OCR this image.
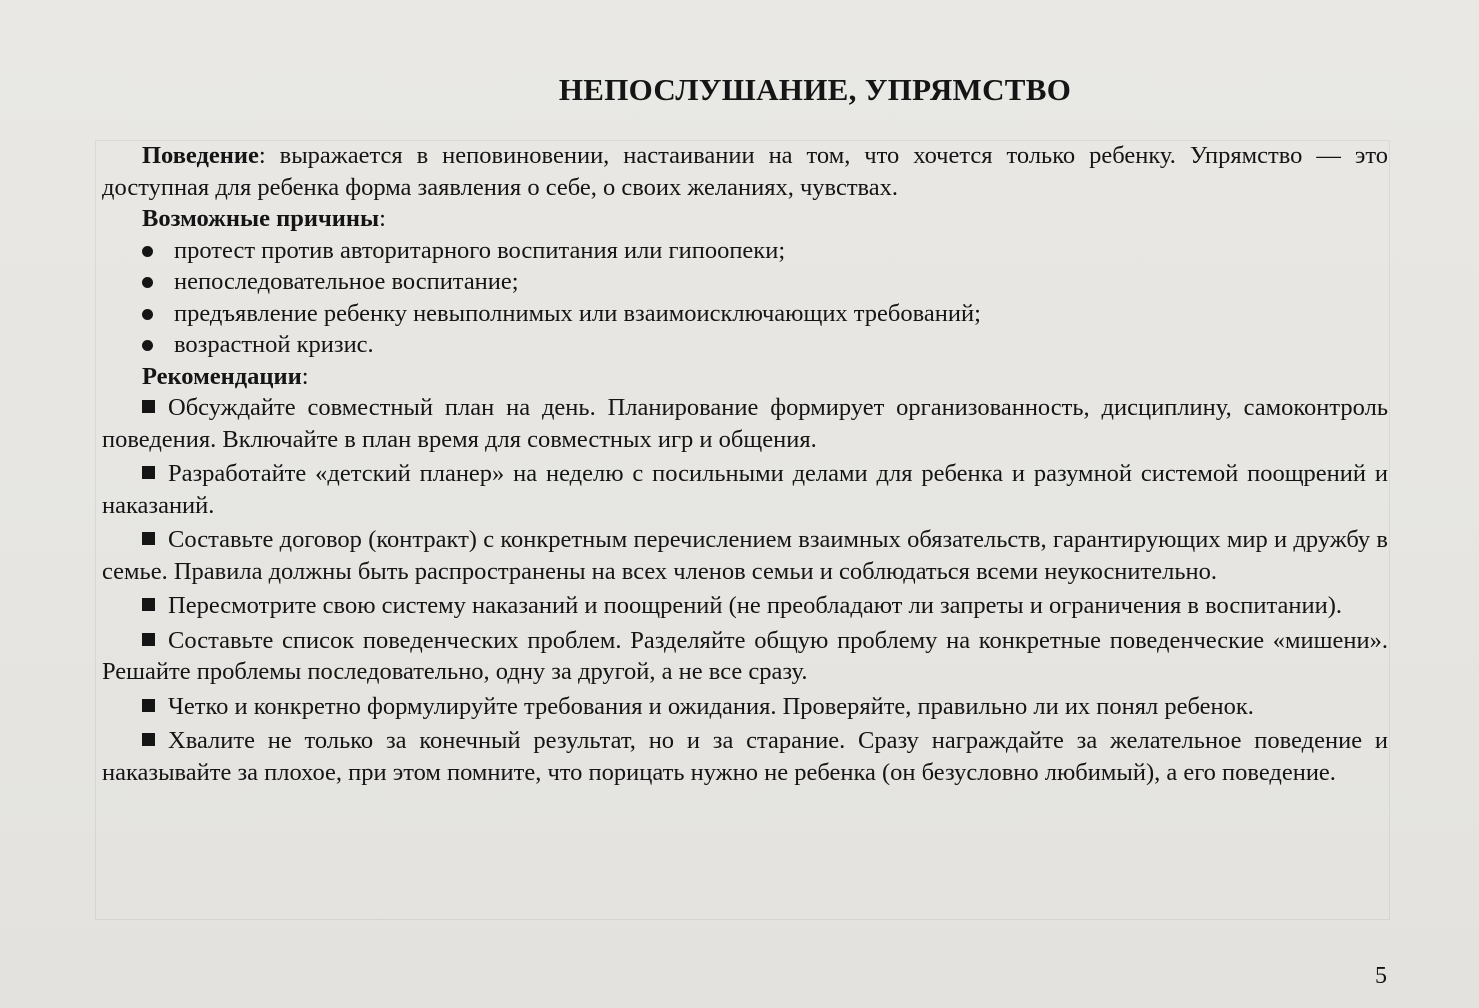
НЕПОСЛУШАНИЕ, УПРЯМСТВО

Поведение: выражается в неповиновении, настаивании на том, что хочется только ребенку. Упрямство — это доступная для ребенка форма заявления о себе, о своих желаниях, чувствах.

Возможные причины:
протест против авторитарного воспитания или гипоопеки;
непоследовательное воспитание;
предъявление ребенку невыполнимых или взаимоисключающих требований;
возрастной кризис.
Рекомендации:

Обсуждайте совместный план на день. Планирование формирует организованность, дисциплину, самоконтроль поведения. Включайте в план время для совместных игр и общения.

Разработайте «детский планер» на неделю с посильными делами для ребенка и разумной системой поощрений и наказаний.

Составьте договор (контракт) с конкретным перечислением взаимных обязательств, гарантирующих мир и дружбу в семье. Правила должны быть распространены на всех членов семьи и соблюдаться всеми неукоснительно.

Пересмотрите свою систему наказаний и поощрений (не преобладают ли запреты и ограничения в воспитании).

Составьте список поведенческих проблем. Разделяйте общую проблему на конкретные поведенческие «мишени». Решайте проблемы последовательно, одну за другой, а не все сразу.

Четко и конкретно формулируйте требования и ожидания. Проверяйте, правильно ли их понял ребенок.

Хвалите не только за конечный результат, но и за старание. Сразу награждайте за желательное поведение и наказывайте за плохое, при этом помните, что порицать нужно не ребенка (он безусловно любимый), а его поведение.

5
